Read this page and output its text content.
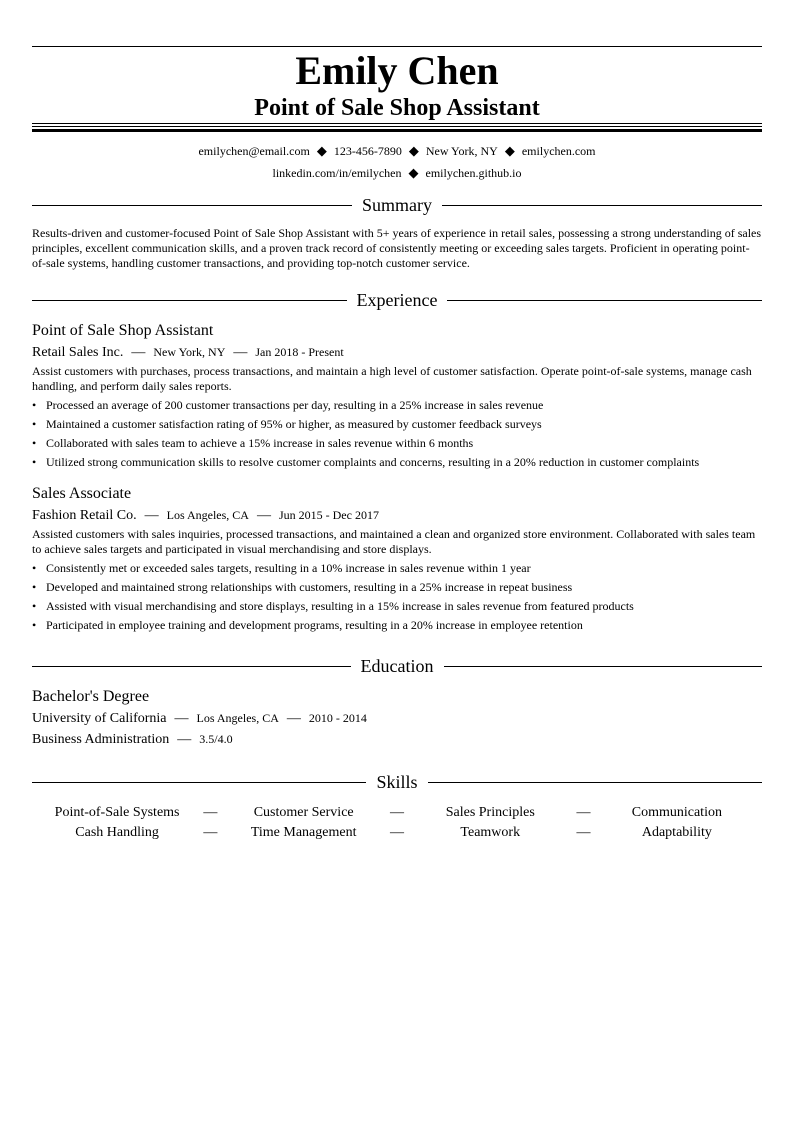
Emily Chen
Point of Sale Shop Assistant
emilychen@email.com ◆ 123-456-7890 ◆ New York, NY ◆ emilychen.com
linkedin.com/in/emilychen ◆ emilychen.github.io
Summary
Results-driven and customer-focused Point of Sale Shop Assistant with 5+ years of experience in retail sales, possessing a strong understanding of sales principles, excellent communication skills, and a proven track record of consistently meeting or exceeding sales targets. Proficient in operating point-of-sale systems, handling customer transactions, and providing top-notch customer service.
Experience
Point of Sale Shop Assistant
Retail Sales Inc. — New York, NY — Jan 2018 - Present
Assist customers with purchases, process transactions, and maintain a high level of customer satisfaction. Operate point-of-sale systems, manage cash handling, and perform daily sales reports.
• Processed an average of 200 customer transactions per day, resulting in a 25% increase in sales revenue
• Maintained a customer satisfaction rating of 95% or higher, as measured by customer feedback surveys
• Collaborated with sales team to achieve a 15% increase in sales revenue within 6 months
• Utilized strong communication skills to resolve customer complaints and concerns, resulting in a 20% reduction in customer complaints
Sales Associate
Fashion Retail Co. — Los Angeles, CA — Jun 2015 - Dec 2017
Assisted customers with sales inquiries, processed transactions, and maintained a clean and organized store environment. Collaborated with sales team to achieve sales targets and participated in visual merchandising and store displays.
• Consistently met or exceeded sales targets, resulting in a 10% increase in sales revenue within 1 year
• Developed and maintained strong relationships with customers, resulting in a 25% increase in repeat business
• Assisted with visual merchandising and store displays, resulting in a 15% increase in sales revenue from featured products
• Participated in employee training and development programs, resulting in a 20% increase in employee retention
Education
Bachelor's Degree
University of California — Los Angeles, CA — 2010 - 2014
Business Administration — 3.5/4.0
Skills
Point-of-Sale Systems	—	Customer Service	—	Sales Principles	—	Communication
Cash Handling	—	Time Management	—	Teamwork	—	Adaptability
